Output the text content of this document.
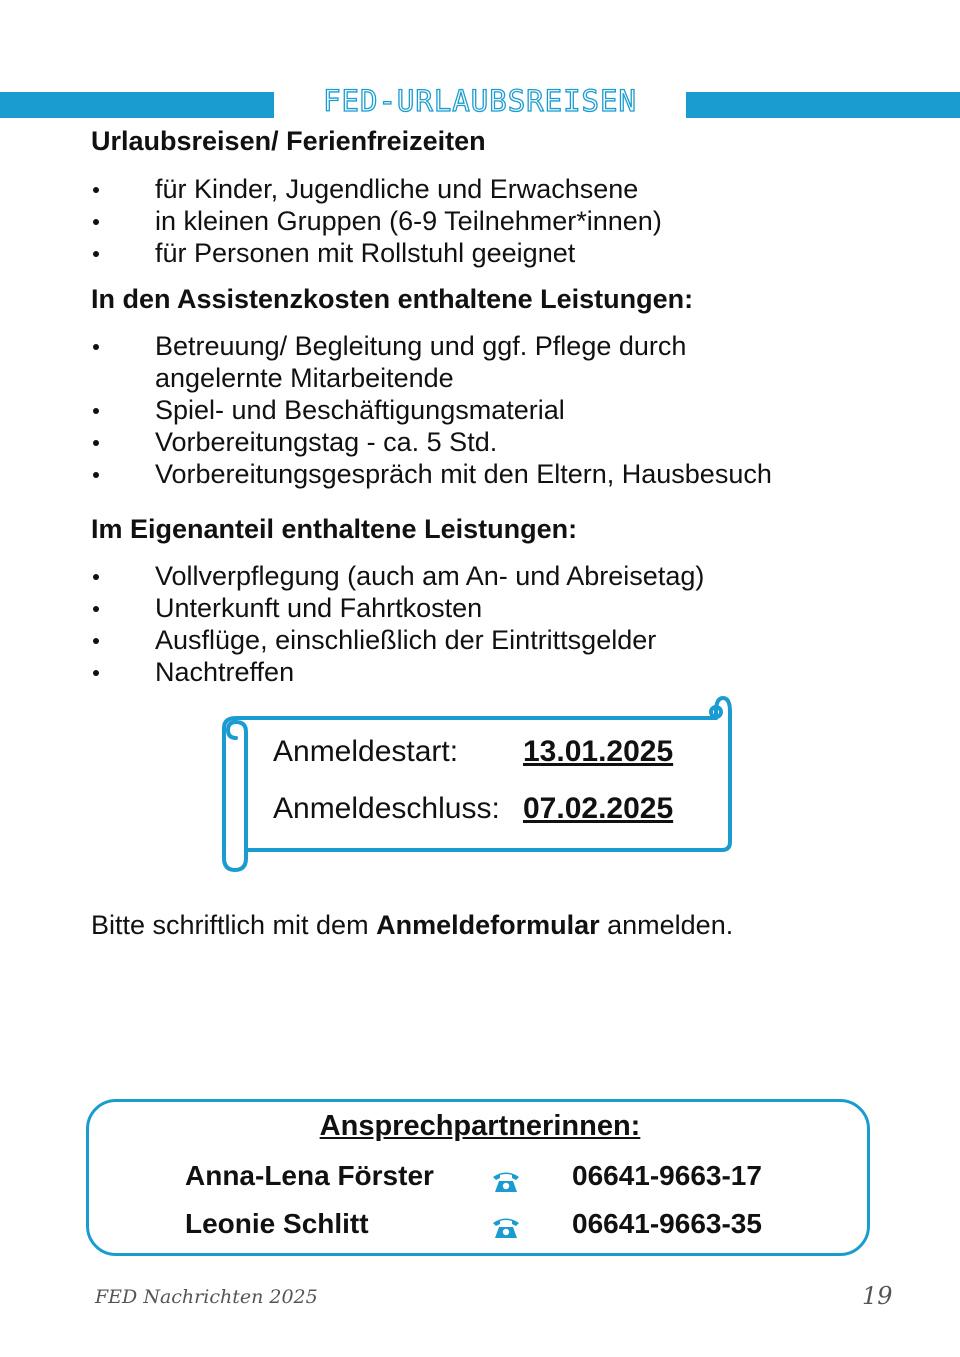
FED-URLAUBSREISEN
Urlaubsreisen/ Ferienfreizeiten
für Kinder, Jugendliche und Erwachsene
in kleinen Gruppen (6-9 Teilnehmer*innen)
für Personen mit Rollstuhl geeignet
In den Assistenzkosten enthaltene Leistungen:
Betreuung/ Begleitung und ggf. Pflege durch angelernte Mitarbeitende
Spiel- und Beschäftigungsmaterial
Vorbereitungstag - ca. 5 Std.
Vorbereitungsgespräch mit den Eltern, Hausbesuch
Im Eigenanteil enthaltene Leistungen:
Vollverpflegung (auch am An- und Abreisetag)
Unterkunft und Fahrtkosten
Ausflüge, einschließlich der Eintrittsgelder
Nachtreffen
Anmeldestart: 13.01.2025
Anmeldeschluss: 07.02.2025
Bitte schriftlich mit dem Anmeldeformular anmelden.
Ansprechpartnerinnen:
Anna-Lena Förster	06641-9663-17
Leonie Schlitt	06641-9663-35
FED Nachrichten 2025	19
